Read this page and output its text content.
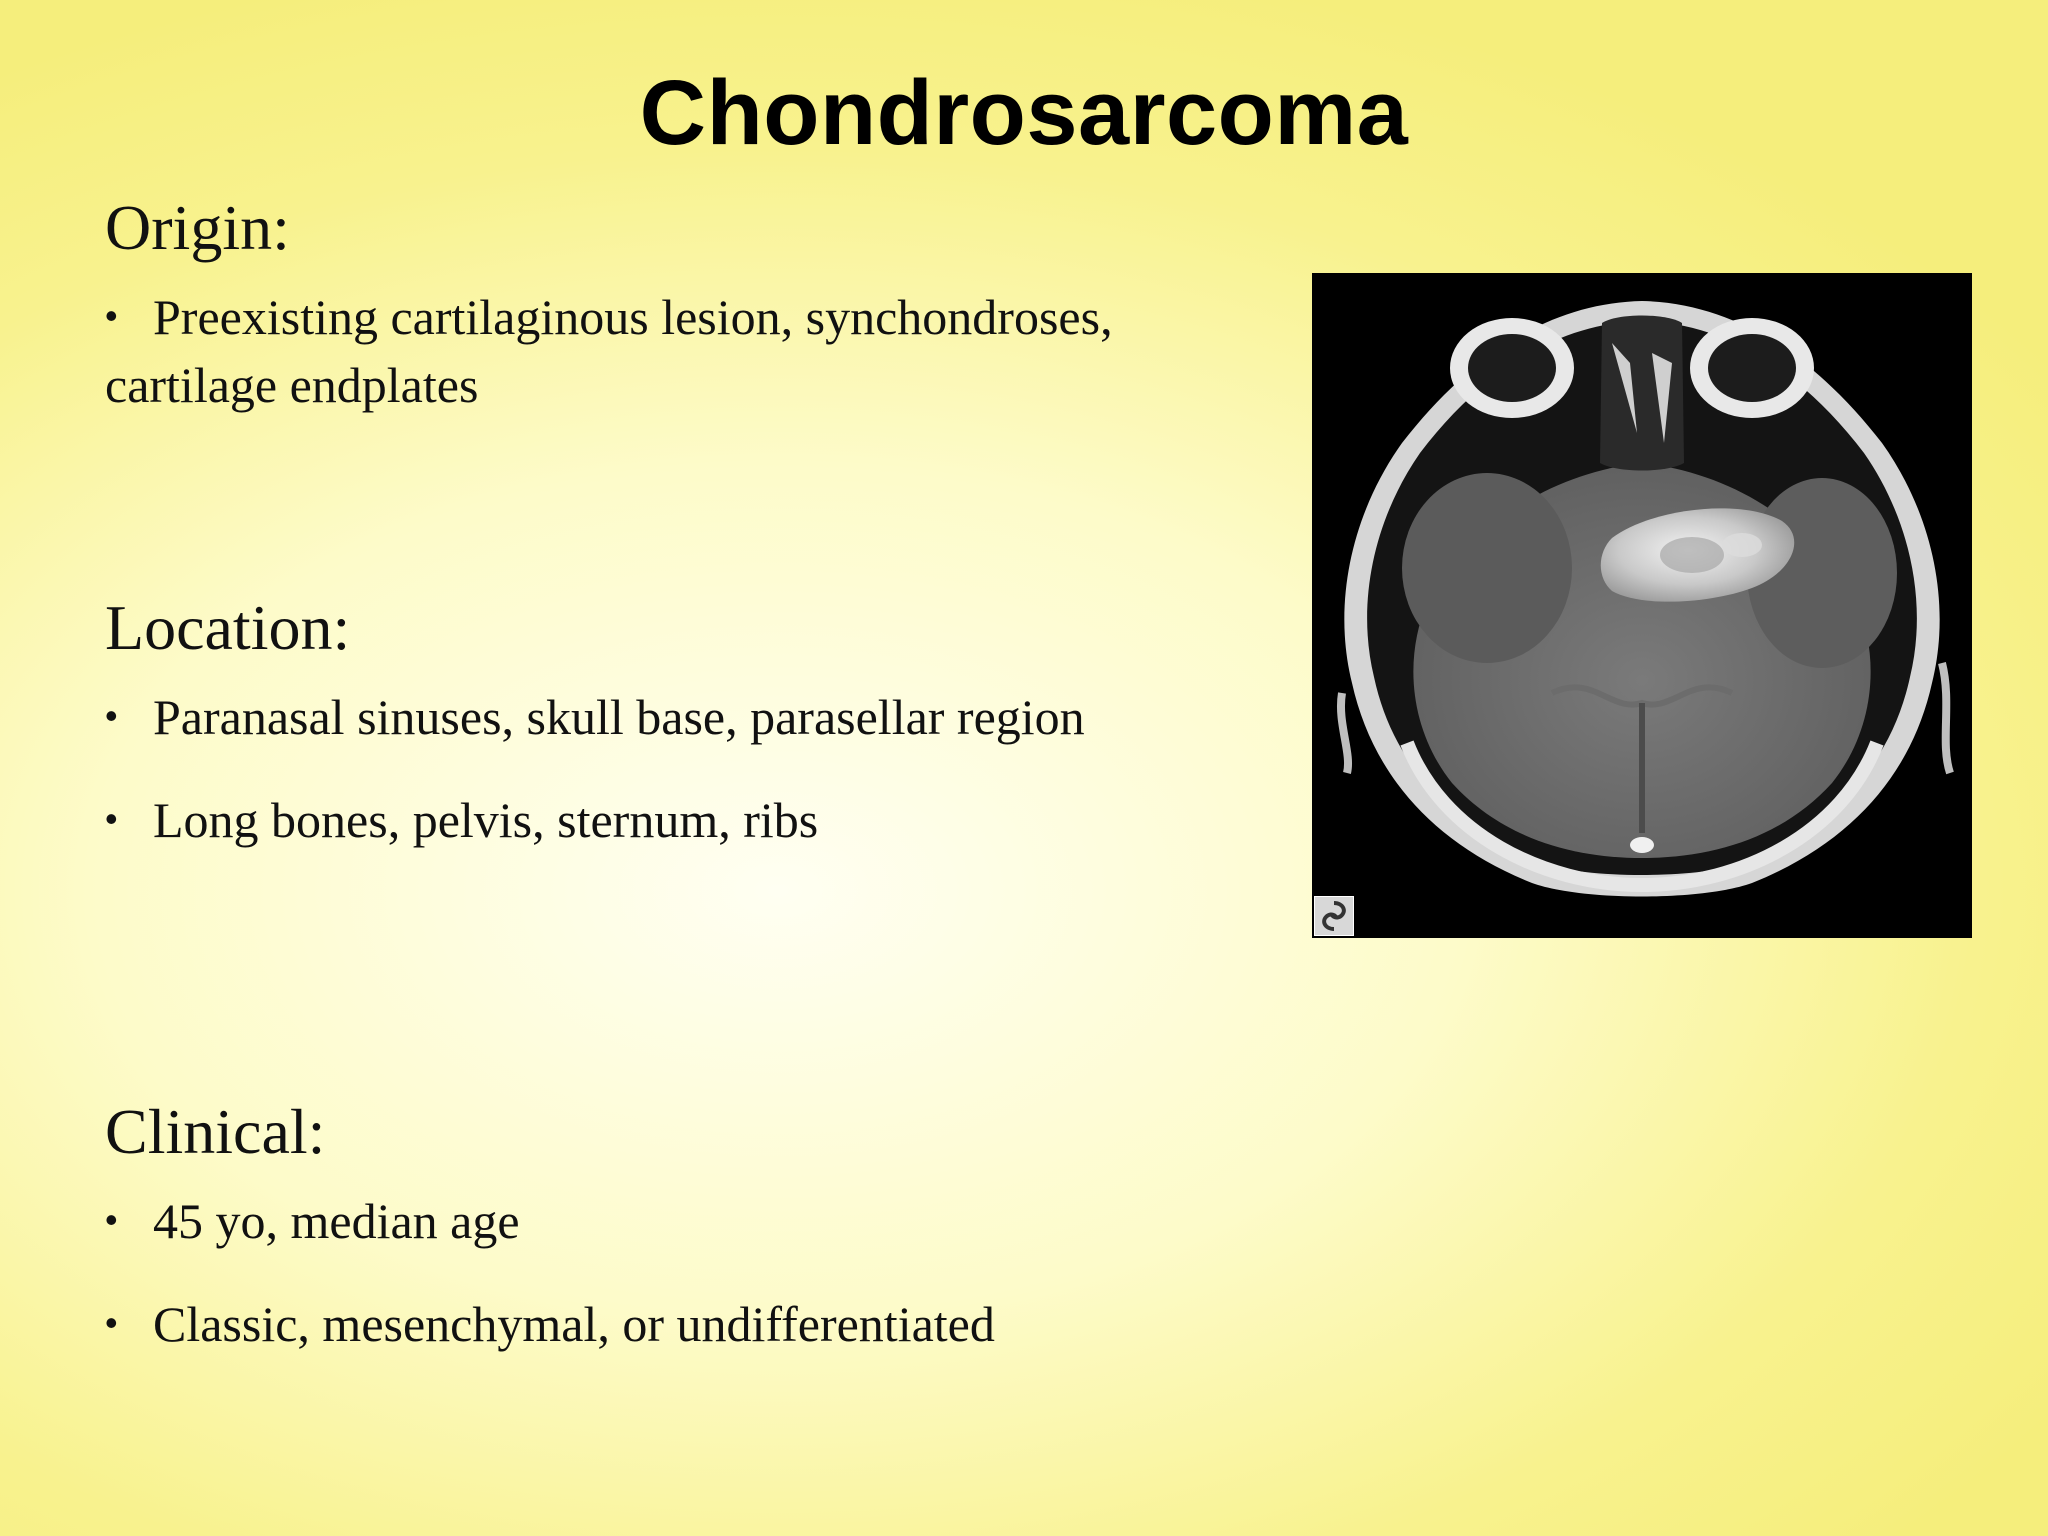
Chondrosarcoma
Origin:
• Preexisting cartilaginous lesion, synchondroses, cartilage endplates
Location:
• Paranasal sinuses, skull base, parasellar region
• Long bones, pelvis, sternum, ribs
Clinical:
• 45 yo, median age
• Classic, mesenchymal, or undifferentiated
